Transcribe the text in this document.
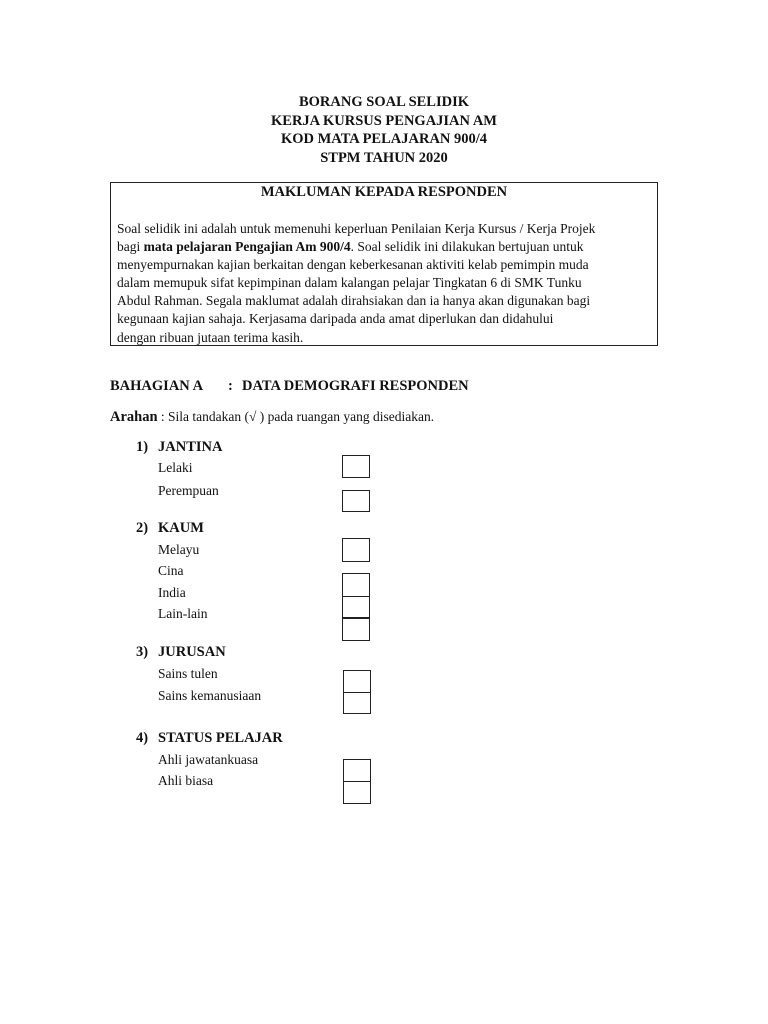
BORANG SOAL SELIDIK
KERJA KURSUS PENGAJIAN AM
KOD MATA PELAJARAN 900/4
STPM TAHUN 2020
MAKLUMAN KEPADA RESPONDEN
Soal selidik ini adalah untuk memenuhi keperluan Penilaian Kerja Kursus / Kerja Projek
bagi mata pelajaran Pengajian Am 900/4. Soal selidik ini dilakukan bertujuan untuk
menyempurnakan kajian berkaitan dengan keberkesanan aktiviti kelab pemimpin muda
dalam memupuk sifat kepimpinan dalam kalangan pelajar Tingkatan 6 di SMK Tunku
Abdul Rahman. Segala maklumat adalah dirahsiakan dan ia hanya akan digunakan bagi
kegunaan kajian sahaja. Kerjasama daripada anda amat diperlukan dan didahului
dengan ribuan jutaan terima kasih.
BAHAGIAN A : DATA DEMOGRAFI RESPONDEN
Arahan : Sila tandakan (√ ) pada ruangan yang disediakan.
1) JANTINA
Lelaki
Perempuan
2) KAUM
Melayu
Cina
India
Lain-lain
3) JURUSAN
Sains tulen
Sains kemanusiaan
4) STATUS PELAJAR
Ahli jawatankuasa
Ahli biasa
